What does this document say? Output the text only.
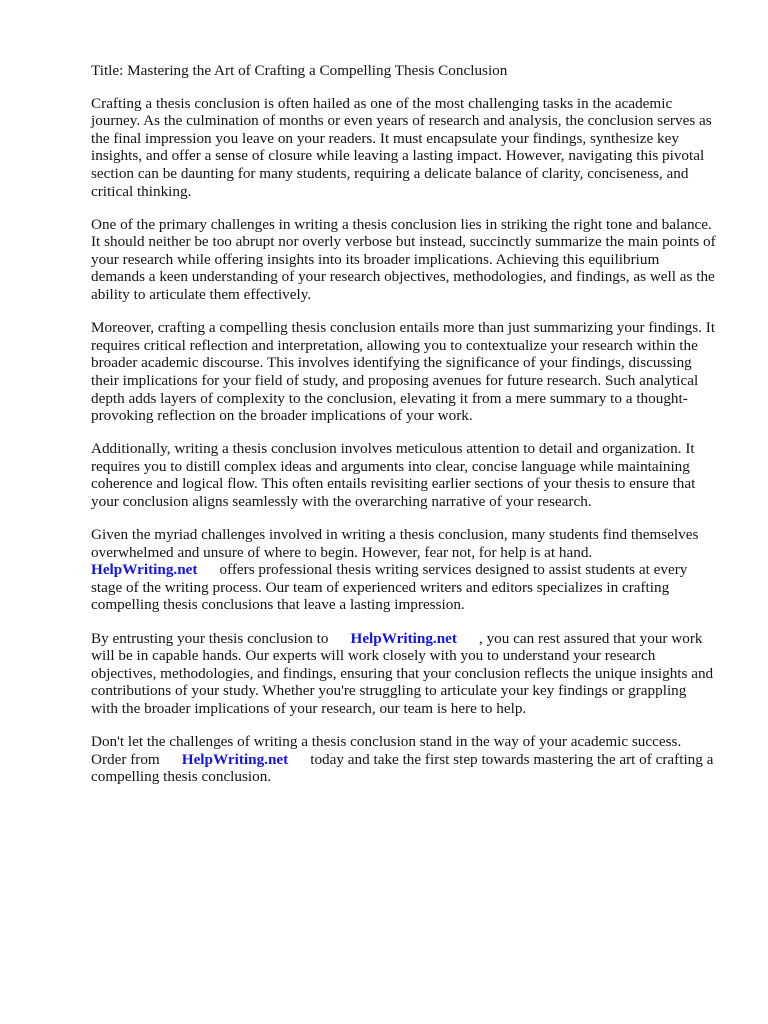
Title: Mastering the Art of Crafting a Compelling Thesis Conclusion

Crafting a thesis conclusion is often hailed as one of the most challenging tasks in the academic journey. As the culmination of months or even years of research and analysis, the conclusion serves as the final impression you leave on your readers. It must encapsulate your findings, synthesize key insights, and offer a sense of closure while leaving a lasting impact. However, navigating this pivotal section can be daunting for many students, requiring a delicate balance of clarity, conciseness, and critical thinking.

One of the primary challenges in writing a thesis conclusion lies in striking the right tone and balance. It should neither be too abrupt nor overly verbose but instead, succinctly summarize the main points of your research while offering insights into its broader implications. Achieving this equilibrium demands a keen understanding of your research objectives, methodologies, and findings, as well as the ability to articulate them effectively.

Moreover, crafting a compelling thesis conclusion entails more than just summarizing your findings. It requires critical reflection and interpretation, allowing you to contextualize your research within the broader academic discourse. This involves identifying the significance of your findings, discussing their implications for your field of study, and proposing avenues for future research. Such analytical depth adds layers of complexity to the conclusion, elevating it from a mere summary to a thought-provoking reflection on the broader implications of your work.

Additionally, writing a thesis conclusion involves meticulous attention to detail and organization. It requires you to distill complex ideas and arguments into clear, concise language while maintaining coherence and logical flow. This often entails revisiting earlier sections of your thesis to ensure that your conclusion aligns seamlessly with the overarching narrative of your research.

Given the myriad challenges involved in writing a thesis conclusion, many students find themselves overwhelmed and unsure of where to begin. However, fear not, for help is at hand.
HelpWriting.net offers professional thesis writing services designed to assist students at every stage of the writing process. Our team of experienced writers and editors specializes in crafting compelling thesis conclusions that leave a lasting impression.

By entrusting your thesis conclusion to HelpWriting.net , you can rest assured that your work will be in capable hands. Our experts will work closely with you to understand your research objectives, methodologies, and findings, ensuring that your conclusion reflects the unique insights and contributions of your study. Whether you're struggling to articulate your key findings or grappling with the broader implications of your research, our team is here to help.

Don't let the challenges of writing a thesis conclusion stand in the way of your academic success. Order from HelpWriting.net today and take the first step towards mastering the art of crafting a compelling thesis conclusion.
